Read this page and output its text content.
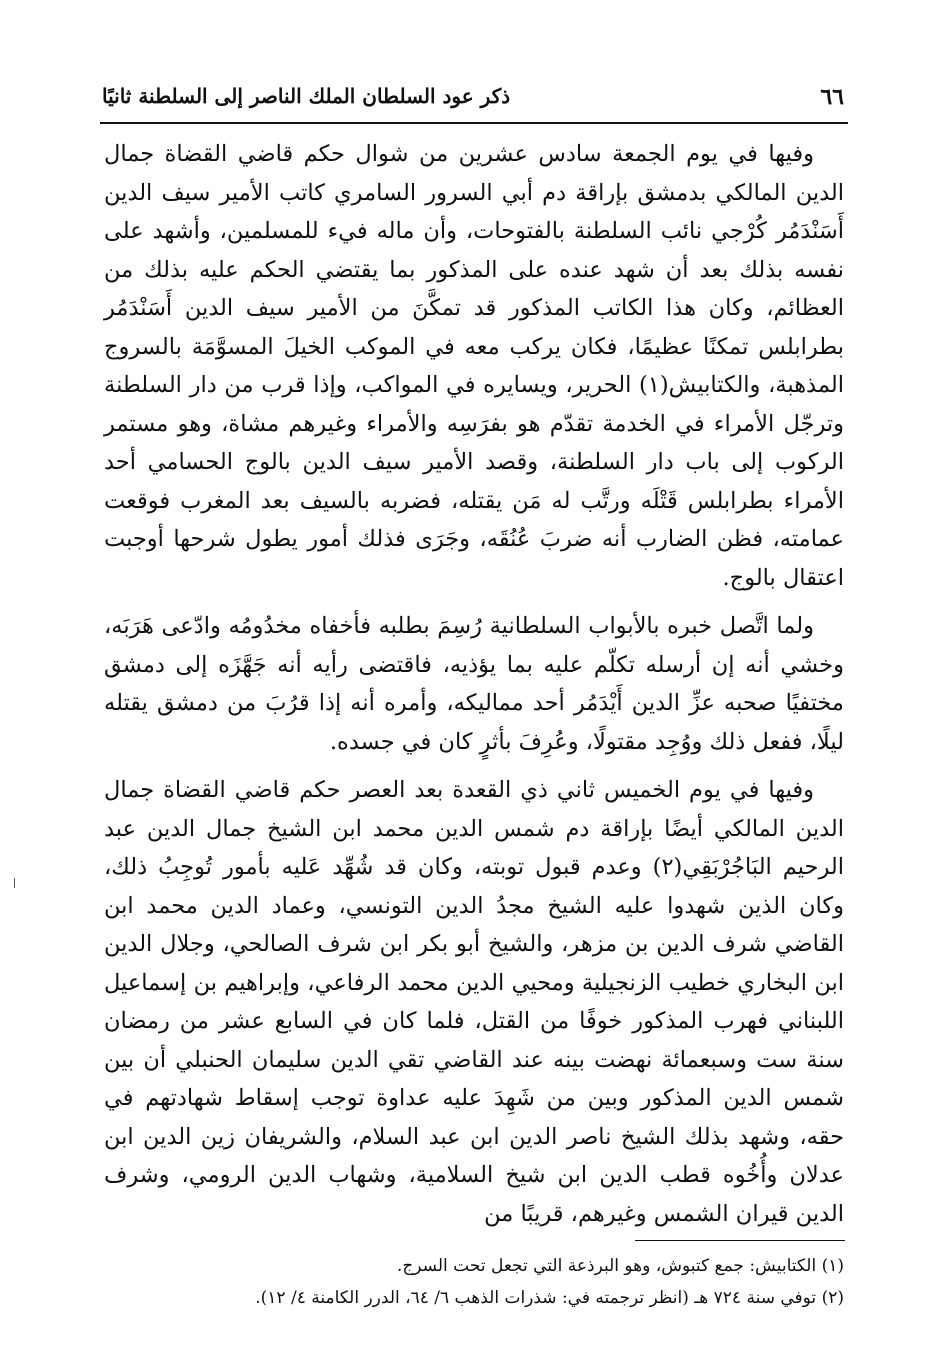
٦٦
ذكر عود السلطان الملك الناصر إلى السلطنة ثانيًا

وفيها في يوم الجمعة سادس عشرين من شوال حكم قاضي القضاة جمال الدين المالكي بدمشق بإراقة دم أبي السرور السامري كاتب الأمير سيف الدين أَسَنْدَمُر كُرْجي نائب السلطنة بالفتوحات، وأن ماله فيء للمسلمين، وأشهد على نفسه بذلك بعد أن شهد عنده على المذكور بما يقتضي الحكم عليه بذلك من العظائم، وكان هذا الكاتب المذكور قد تمكَّنَ من الأمير سيف الدين أَسَنْدَمُر بطرابلس تمكنًا عظيمًا، فكان يركب معه في الموكب الخيلَ المسوَّمَة بالسروج المذهبة، والكتابيش(١) الحرير، ويسايره في المواكب، وإذا قرب من دار السلطنة وترجّل الأمراء في الخدمة تقدّم هو بفرَسِه والأمراء وغيرهم مشاة، وهو مستمر الركوب إلى باب دار السلطنة، وقصد الأمير سيف الدين بالوج الحسامي أحد الأمراء بطرابلس قَتْلَه ورتَّب له مَن يقتله، فضربه بالسيف بعد المغرب فوقعت عمامته، فظن الضارب أنه ضربَ عُنُقَه، وجَرَى فذلك أمور يطول شرحها أوجبت اعتقال بالوج.

ولما اتَّصل خبره بالأبواب السلطانية رُسِمَ بطلبه فأخفاه مخدُومُه وادّعى هَرَبَه، وخشي أنه إن أرسله تكلّم عليه بما يؤذيه، فاقتضى رأيه أنه جَهَّزَه إلى دمشق مختفيًا صحبه عزِّ الدين أَيْدَمُر أحد مماليكه، وأمره أنه إذا قرُبَ من دمشق يقتله ليلًا، ففعل ذلك ووُجِد مقتولًا، وعُرِفَ بأثرٍ كان في جسده.

وفيها في يوم الخميس ثاني ذي القعدة بعد العصر حكم قاضي القضاة جمال الدين المالكي أيضًا بإراقة دم شمس الدين محمد ابن الشيخ جمال الدين عبد الرحيم البَاجُرْبَقِي(٢) وعدم قبول توبته، وكان قد شُهِّد عَليه بأمور تُوجِبُ ذلك، وكان الذين شهدوا عليه الشيخ مجدُ الدين التونسي، وعماد الدين محمد ابن القاضي شرف الدين بن مزهر، والشيخ أبو بكر ابن شرف الصالحي، وجلال الدين ابن البخاري خطيب الزنجيلية ومحيي الدين محمد الرفاعي، وإبراهيم بن إسماعيل اللبناني فهرب المذكور خوفًا من القتل، فلما كان في السابع عشر من رمضان سنة ست وسبعمائة نهضت بينه عند القاضي تقي الدين سليمان الحنبلي أن بين شمس الدين المذكور وبين من شَهِدَ عليه عداوة توجب إسقاط شهادتهم في حقه، وشهد بذلك الشيخ ناصر الدين ابن عبد السلام، والشريفان زين الدين ابن عدلان وأُخُوه قطب الدين ابن شيخ السلامية، وشهاب الدين الرومي، وشرف الدين قيران الشمس وغيرهم، قريبًا من

(١) الكتابيش: جمع كتبوش، وهو البرذعة التي تجعل تحت السرج.
(٢) توفي سنة ٧٢٤ هـ (انظر ترجمته في: شذرات الذهب ٦/ ٦٤، الدرر الكامنة ٤/ ١٢).
